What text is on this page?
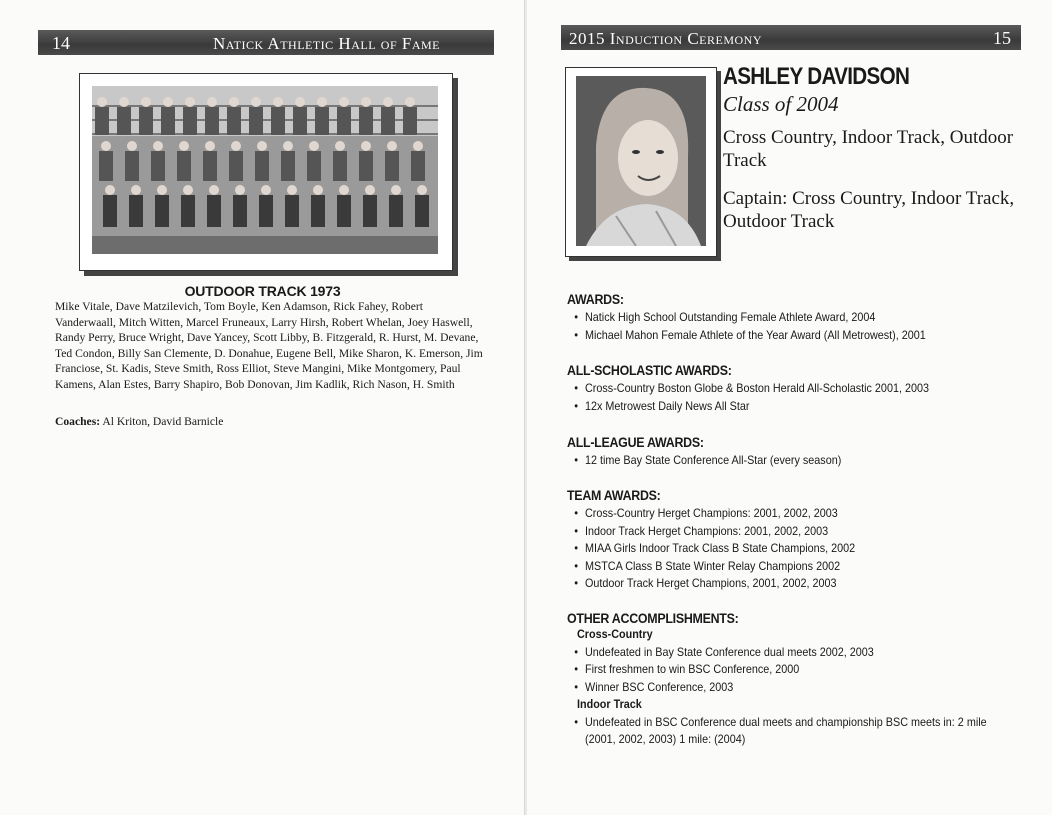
14	Natick Athletic Hall of Fame
OUTDOOR TRACK 1973
Mike Vitale, Dave Matzilevich, Tom Boyle, Ken Adamson, Rick Fahey, Robert Vanderwaall, Mitch Witten, Marcel Fruneaux, Larry Hirsh, Robert Whelan, Joey Haswell, Randy Perry, Bruce Wright, Dave Yancey, Scott Libby, B. Fitzgerald, R. Hurst, M. Devane, Ted Condon, Billy San Clemente, D. Donahue, Eugene Bell, Mike Sharon, K. Emerson, Jim Franciose, St. Kadis, Steve Smith, Ross Elliot, Steve Mangini, Mike Montgomery, Paul Kamens, Alan Estes, Barry Shapiro, Bob Donovan, Jim Kadlik, Rich Nason, H. Smith
Coaches: Al Kriton, David Barnicle
2015 Induction Ceremony	15
ASHLEY DAVIDSON
Class of 2004
Cross Country, Indoor Track, Outdoor Track
Captain: Cross Country, Indoor Track, Outdoor Track
AWARDS:
• Natick High School Outstanding Female Athlete Award, 2004
• Michael Mahon Female Athlete of the Year Award (All Metrowest), 2001
ALL-SCHOLASTIC AWARDS:
• Cross-Country Boston Globe & Boston Herald All-Scholastic 2001, 2003
• 12x Metrowest Daily News All Star
ALL-LEAGUE AWARDS:
• 12 time Bay State Conference All-Star (every season)
TEAM AWARDS:
• Cross-Country Herget Champions: 2001, 2002, 2003
• Indoor Track Herget Champions: 2001, 2002, 2003
• MIAA Girls Indoor Track Class B State Champions, 2002
• MSTCA Class B State Winter Relay Champions 2002
• Outdoor Track Herget Champions, 2001, 2002, 2003
OTHER ACCOMPLISHMENTS:
Cross-Country
• Undefeated in Bay State Conference dual meets 2002, 2003
• First freshmen to win BSC Conference, 2000
• Winner BSC Conference, 2003
Indoor Track
• Undefeated in BSC Conference dual meets and championship BSC meets in: 2 mile (2001, 2002, 2003) 1 mile: (2004)
